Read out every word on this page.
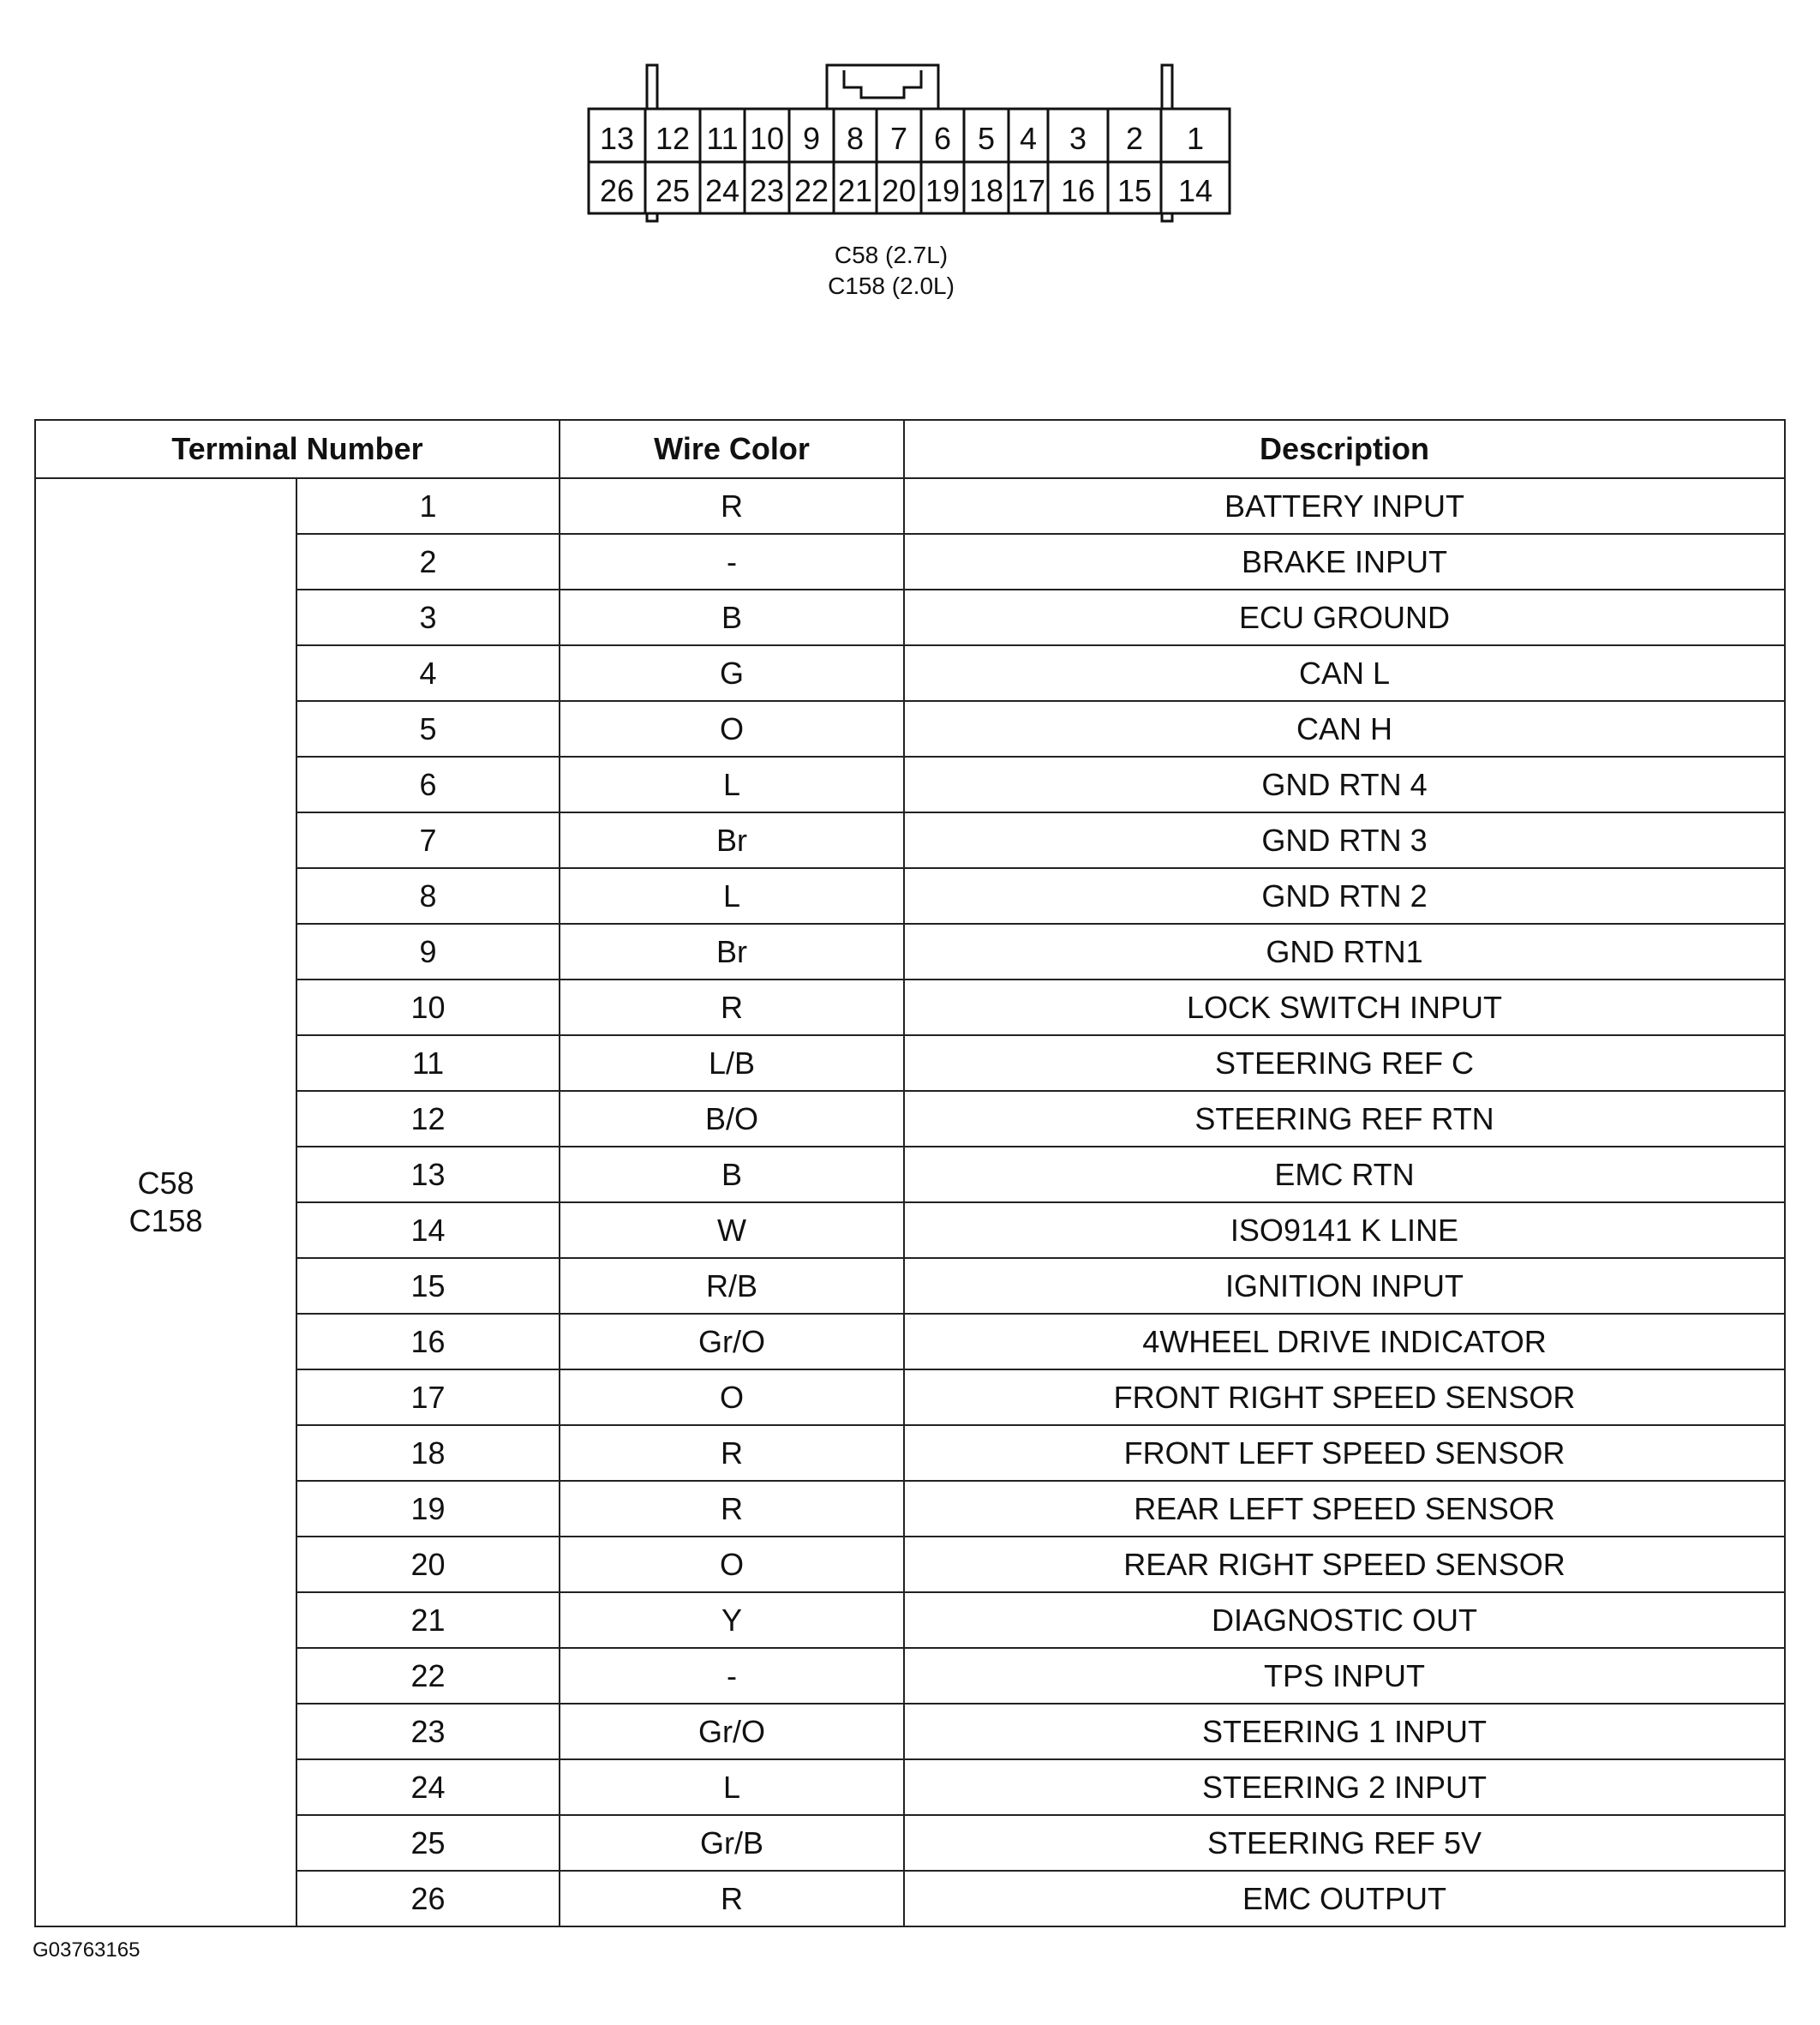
13 12 11 10 9 8 7 6 5 4 3 2 1
26 25 24 23 22 21 20 19 18 17 16 15 14
C58 (2.7L)
C158 (2.0L)
Terminal Number		Wire Color	Description

C58
C158	1	R	BATTERY INPUT
	2	-	BRAKE INPUT
	3	B	ECU GROUND
	4	G	CAN L
	5	O	CAN H
	6	L	GND RTN 4
	7	Br	GND RTN 3
	8	L	GND RTN 2
	9	Br	GND RTN1
	10	R	LOCK SWITCH INPUT
	11	L/B	STEERING REF C
	12	B/O	STEERING REF RTN
	13	B	EMC RTN
	14	W	ISO9141 K LINE
	15	R/B	IGNITION INPUT
	16	Gr/O	4WHEEL DRIVE INDICATOR
	17	O	FRONT RIGHT SPEED SENSOR
	18	R	FRONT LEFT SPEED SENSOR
	19	R	REAR LEFT SPEED SENSOR
	20	O	REAR RIGHT SPEED SENSOR
	21	Y	DIAGNOSTIC OUT
	22	-	TPS INPUT
	23	Gr/O	STEERING 1 INPUT
	24	L	STEERING 2 INPUT
	25	Gr/B	STEERING REF 5V
	26	R	EMC OUTPUT
G03763165
